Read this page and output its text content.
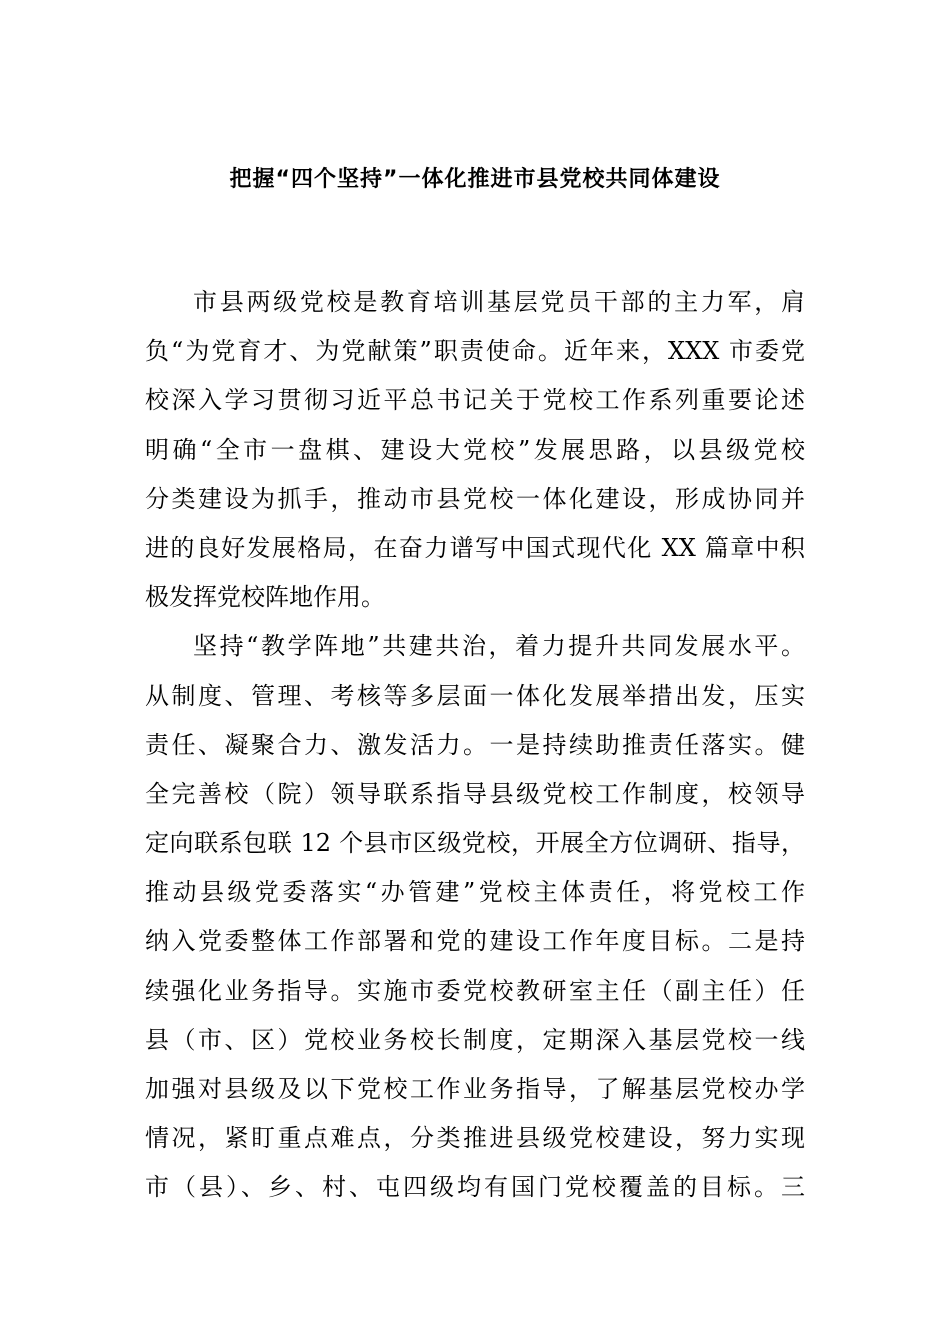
把握“四个坚持”一体化推进市县党校共同体建设
市县两级党校是教育培训基层党员干部的主力军，肩
负“为党育才、为党献策”职责使命。近年来，XXX 市委党
校深入学习贯彻习近平总书记关于党校工作系列重要论述
明确“全市一盘棋、建设大党校”发展思路，以县级党校
分类建设为抓手，推动市县党校一体化建设，形成协同并
进的良好发展格局，在奋力谱写中国式现代化 XX 篇章中积
极发挥党校阵地作用。
坚持“教学阵地”共建共治，着力提升共同发展水平。
从制度、管理、考核等多层面一体化发展举措出发，压实
责任、凝聚合力、激发活力。一是持续助推责任落实。健
全完善校（院）领导联系指导县级党校工作制度，校领导
定向联系包联 12 个县市区级党校，开展全方位调研、指导，
推动县级党委落实“办管建”党校主体责任，将党校工作
纳入党委整体工作部署和党的建设工作年度目标。二是持
续强化业务指导。实施市委党校教研室主任（副主任）任
县（市、区）党校业务校长制度，定期深入基层党校一线
加强对县级及以下党校工作业务指导，了解基层党校办学
情况，紧盯重点难点，分类推进县级党校建设，努力实现
市（县）、乡、村、屯四级均有国门党校覆盖的目标。三
